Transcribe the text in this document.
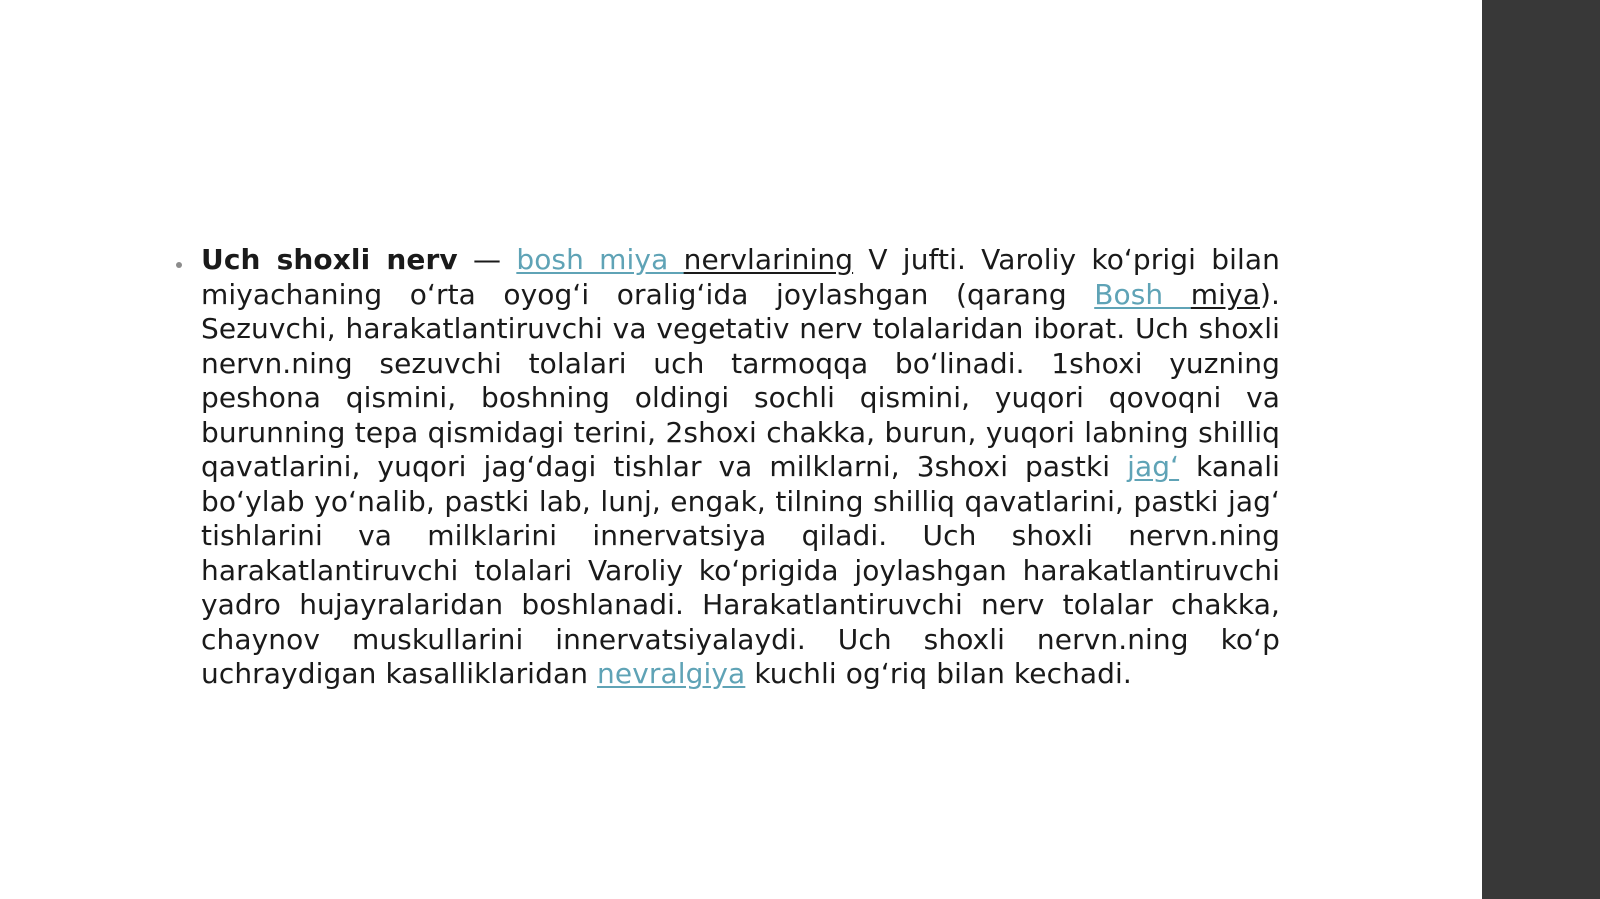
Uch shoxli nerv — bosh miya nervlarining V jufti. Varoliy koʻprigi bilan miyachaning oʻrta oyogʻi oraligʻida joylashgan (qarang Bosh miya). Sezuvchi, harakatlantiruvchi va vegetativ nerv tolalaridan iborat. Uch shoxli nervn.ning sezuvchi tolalari uch tarmoqqa boʻlinadi. 1shoxi yuzning peshona qismini, boshning oldingi sochli qismini, yuqori qovoqni va burunning tepa qismidagi terini, 2shoxi chakka, burun, yuqori labning shilliq qavatlarini, yuqori jagʻdagi tishlar va milklarni, 3shoxi pastki jagʻ kanali boʻylab yoʻnalib, pastki lab, lunj, engak, tilning shilliq qavatlarini, pastki jagʻ tishlarini va milklarini innervatsiya qiladi. Uch shoxli nervn.ning harakatlantiruvchi tolalari Varoliy koʻprigida joylashgan harakatlantiruvchi yadro hujayralaridan boshlanadi. Harakatlantiruvchi nerv tolalar chakka, chaynov muskullarini innervatsiyalaydi. Uch shoxli nervn.ning koʻp uchraydigan kasalliklaridan nevralgiya kuchli ogʻriq bilan kechadi.
